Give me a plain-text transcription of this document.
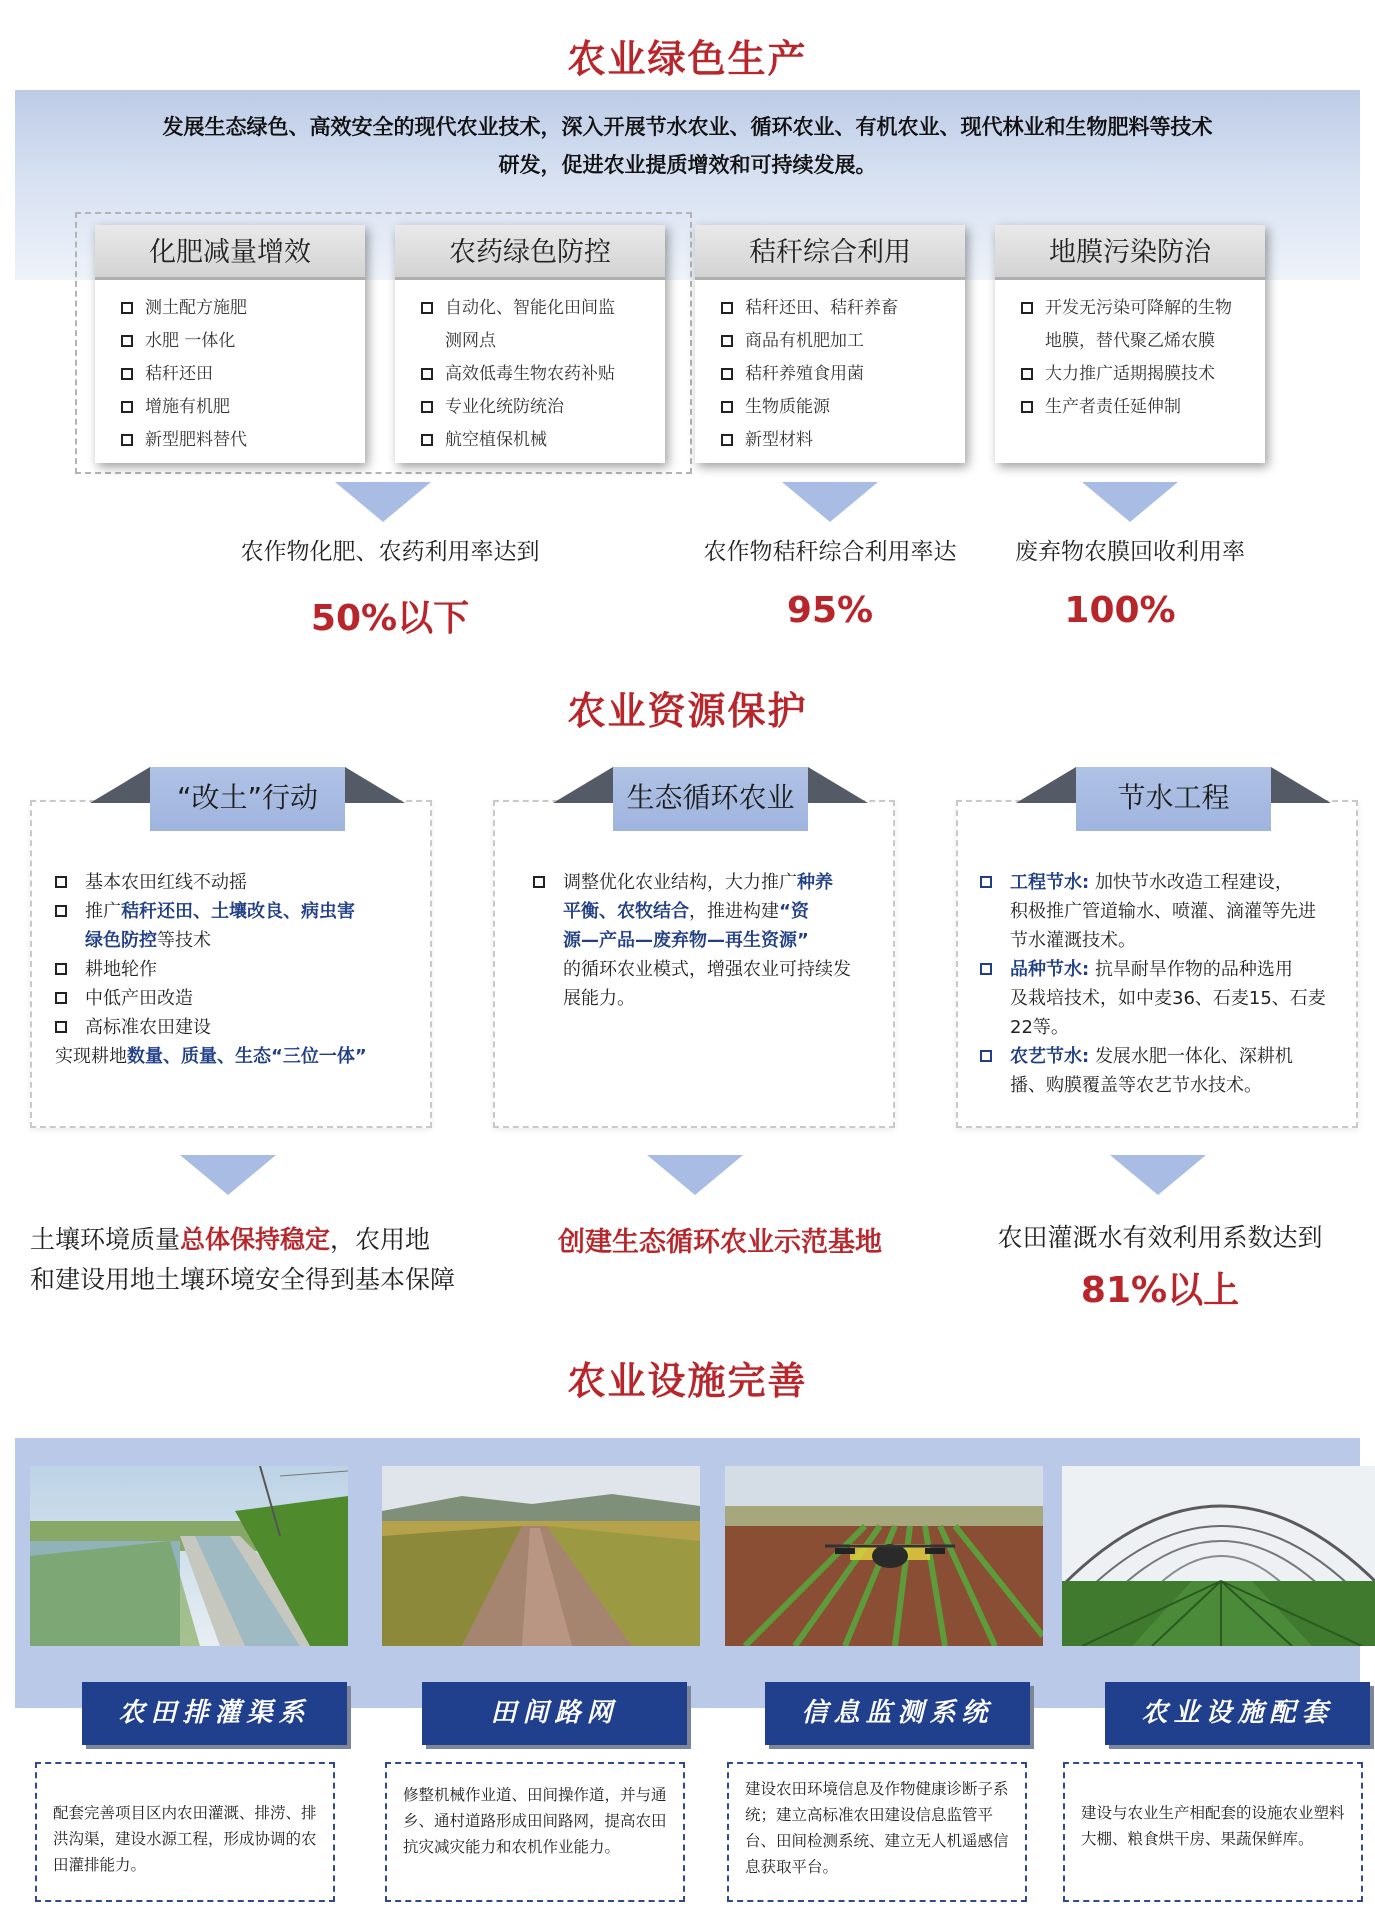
农业绿色生产
发展生态绿色、高效安全的现代农业技术，深入开展节水农业、循环农业、有机农业、现代林业和生物肥料等技术
研发，促进农业提质增效和可持续发展。
化肥减量增效
测土配方施肥
水肥 一体化
秸秆还田
增施有机肥
新型肥料替代
农药绿色防控
自动化、智能化田间监
测网点
高效低毒生物农药补贴
专业化统防统治
航空植保机械
秸秆综合利用
秸秆还田、秸秆养畜
商品有机肥加工
秸秆养殖食用菌
生物质能源
新型材料
地膜污染防治
开发无污染可降解的生物
地膜，替代聚乙烯农膜
大力推广适期揭膜技术
生产者责任延伸制
农作物化肥、农药利用率达到	农作物秸秆综合利用率达	废弃物农膜回收利用率
50%以下	95%	100%
农业资源保护
“改土”行动
基本农田红线不动摇
推广秸秆还田、土壤改良、病虫害
绿色防控等技术
耕地轮作
中低产田改造
高标准农田建设
实现耕地数量、质量、生态“三位一体”
生态循环农业
调整优化农业结构，大力推广种养
平衡、农牧结合，推进构建“资
源—产品—废弃物—再生资源”
的循环农业模式，增强农业可持续发
展能力。
节水工程
工程节水: 加快节水改造工程建设，
积极推广管道输水、喷灌、滴灌等先进
节水灌溉技术。
品种节水: 抗旱耐旱作物的品种选用
及栽培技术，如中麦36、石麦15、石麦
22等。
农艺节水: 发展水肥一体化、深耕机
播、购膜覆盖等农艺节水技术。
土壤环境质量总体保持稳定，农用地
和建设用地土壤环境安全得到基本保障
创建生态循环农业示范基地	农田灌溉水有效利用系数达到
81%以上
农业设施完善
农田排灌渠系	田间路网	信息监测系统	农业设施配套
配套完善项目区内农田灌溉、排涝、排洪沟渠，建设水源工程，形成协调的农田灌排能力。
修整机械作业道、田间操作道，并与通乡、通村道路形成田间路网，提高农田抗灾减灾能力和农机作业能力。
建设农田环境信息及作物健康诊断子系统；建立高标准农田建设信息监管平台、田间检测系统、建立无人机遥感信息获取平台。
建设与农业生产相配套的设施农业塑料大棚、粮食烘干房、果蔬保鲜库。
